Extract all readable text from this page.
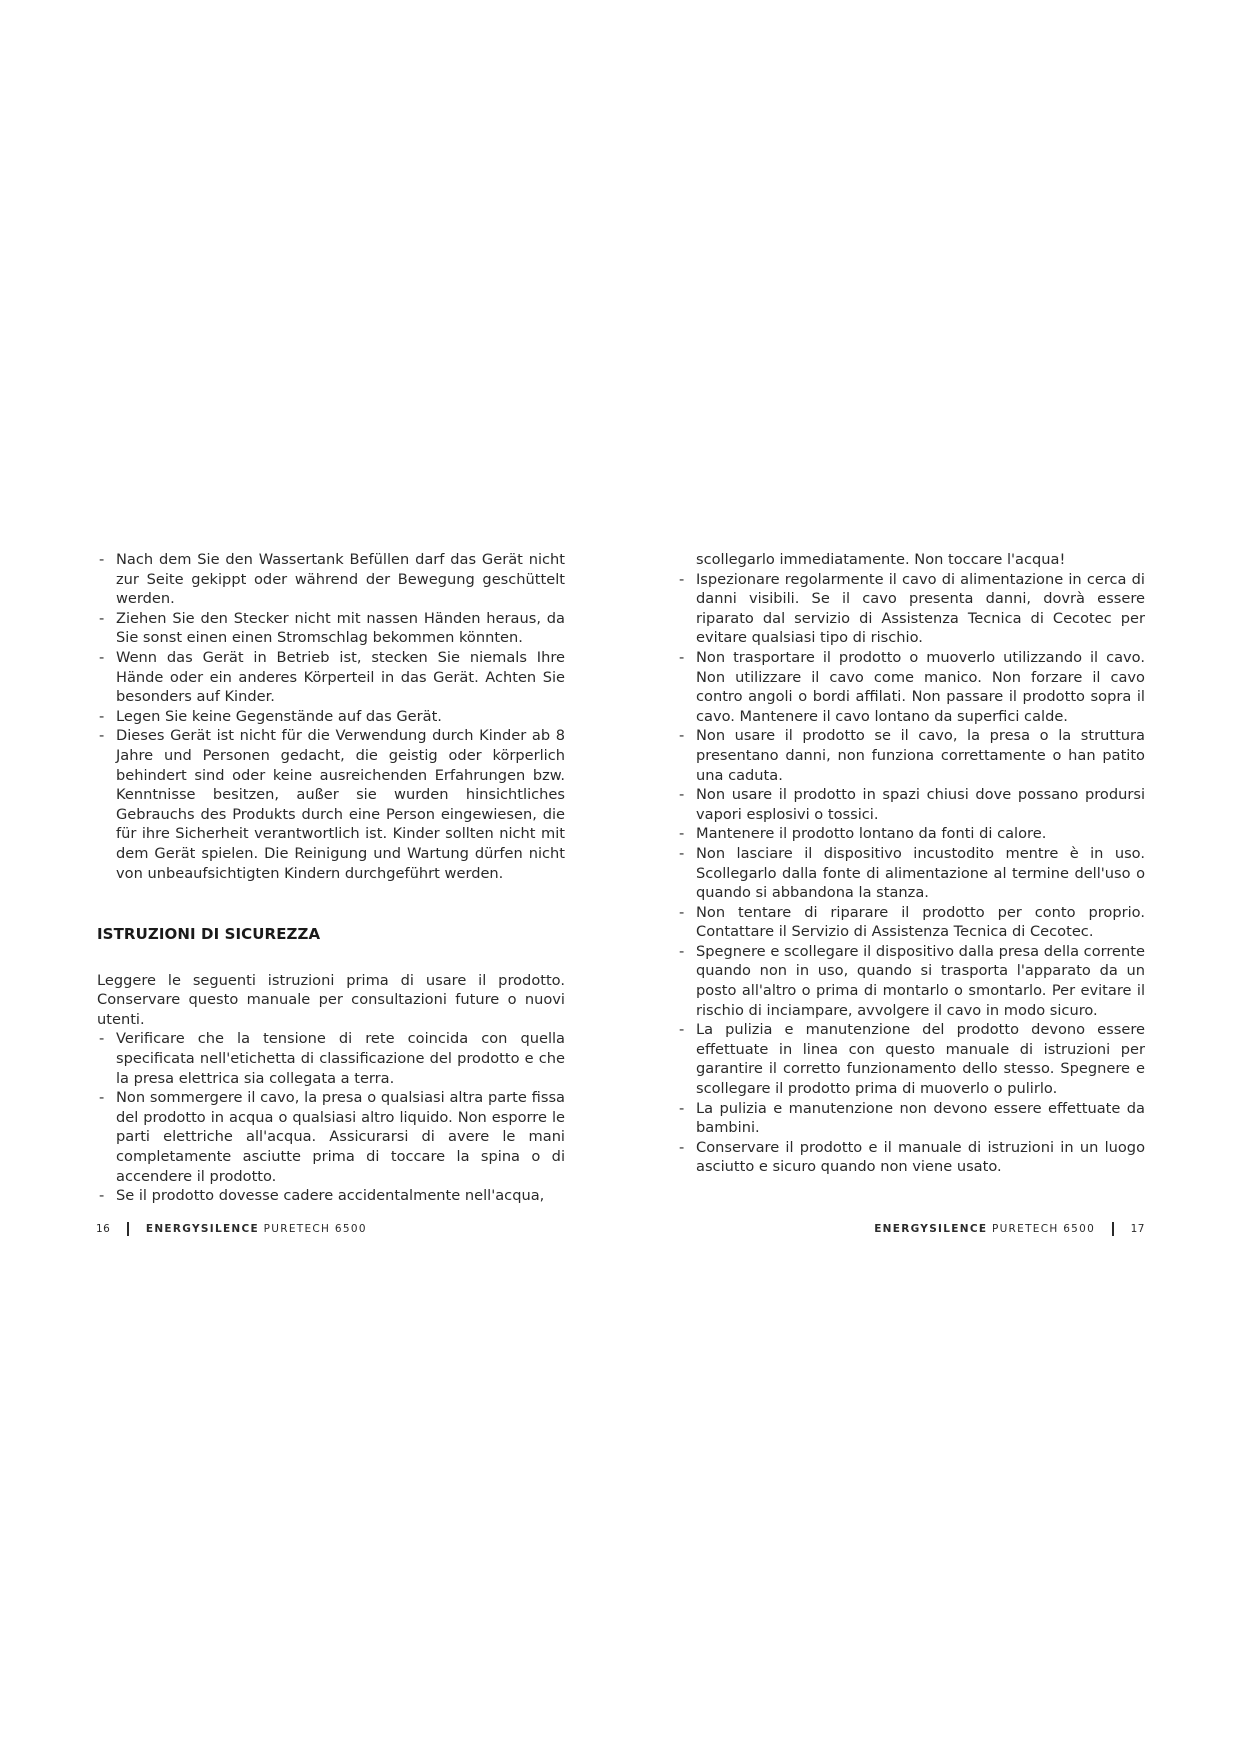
- Nach dem Sie den Wassertank Befüllen darf das Gerät nicht zur Seite gekippt oder während der Bewegung geschüttelt werden.
- Ziehen Sie den Stecker nicht mit nassen Händen heraus, da Sie sonst einen einen Stromschlag bekommen könnten.
- Wenn das Gerät in Betrieb ist, stecken Sie niemals Ihre Hände oder ein anderes Körperteil in das Gerät. Achten Sie besonders auf Kinder.
- Legen Sie keine Gegenstände auf das Gerät.
- Dieses Gerät ist nicht für die Verwendung durch Kinder ab 8 Jahre und Personen gedacht, die geistig oder körperlich behindert sind oder keine ausreichenden Erfahrungen bzw. Kenntnisse besitzen, außer sie wurden hinsichtliches Gebrauchs des Produkts durch eine Person eingewiesen, die für ihre Sicherheit verantwortlich ist. Kinder sollten nicht mit dem Gerät spielen. Die Reinigung und Wartung dürfen nicht von unbeaufsichtigten Kindern durchgeführt werden.
ISTRUZIONI DI SICUREZZA

Leggere le seguenti istruzioni prima di usare il prodotto. Conservare questo manuale per consultazioni future o nuovi utenti.

- Verificare che la tensione di rete coincida con quella specificata nell'etichetta di classificazione del prodotto e che la presa elettrica sia collegata a terra.
- Non sommergere il cavo, la presa o qualsiasi altra parte fissa del prodotto in acqua o qualsiasi altro liquido. Non esporre le parti elettriche all'acqua. Assicurarsi di avere le mani completamente asciutte prima di toccare la spina o di accendere il prodotto.
- Se il prodotto dovesse cadere accidentalmente nell'acqua,
scollegarlo immediatamente. Non toccare l'acqua!
- Ispezionare regolarmente il cavo di alimentazione in cerca di danni visibili. Se il cavo presenta danni, dovrà essere riparato dal servizio di Assistenza Tecnica di Cecotec per evitare qualsiasi tipo di rischio.
- Non trasportare il prodotto o muoverlo utilizzando il cavo. Non utilizzare il cavo come manico. Non forzare il cavo contro angoli o bordi affilati. Non passare il prodotto sopra il cavo. Mantenere il cavo lontano da superfici calde.
- Non usare il prodotto se il cavo, la presa o la struttura presentano danni, non funziona correttamente o han patito una caduta.
- Non usare il prodotto in spazi chiusi dove possano prodursi vapori esplosivi o tossici.
- Mantenere il prodotto lontano da fonti di calore.
- Non lasciare il dispositivo incustodito mentre è in uso. Scollegarlo dalla fonte di alimentazione al termine dell'uso o quando si abbandona la stanza.
- Non tentare di riparare il prodotto per conto proprio. Contattare il Servizio di Assistenza Tecnica di Cecotec.
- Spegnere e scollegare il dispositivo dalla presa della corrente quando non in uso, quando si trasporta l'apparato da un posto all'altro o prima di montarlo o smontarlo. Per evitare il rischio di inciampare, avvolgere il cavo in modo sicuro.
- La pulizia e manutenzione del prodotto devono essere effettuate in linea con questo manuale di istruzioni per garantire il corretto funzionamento dello stesso. Spegnere e scollegare il prodotto prima di muoverlo o pulirlo.
- La pulizia e manutenzione non devono essere effettuate da bambini.
- Conservare il prodotto e il manuale di istruzioni in un luogo asciutto e sicuro quando non viene usato.
16	ENERGYSILENCE
PURETECH 6500	ENERGYSILENCE
PURETECH 6500	17
